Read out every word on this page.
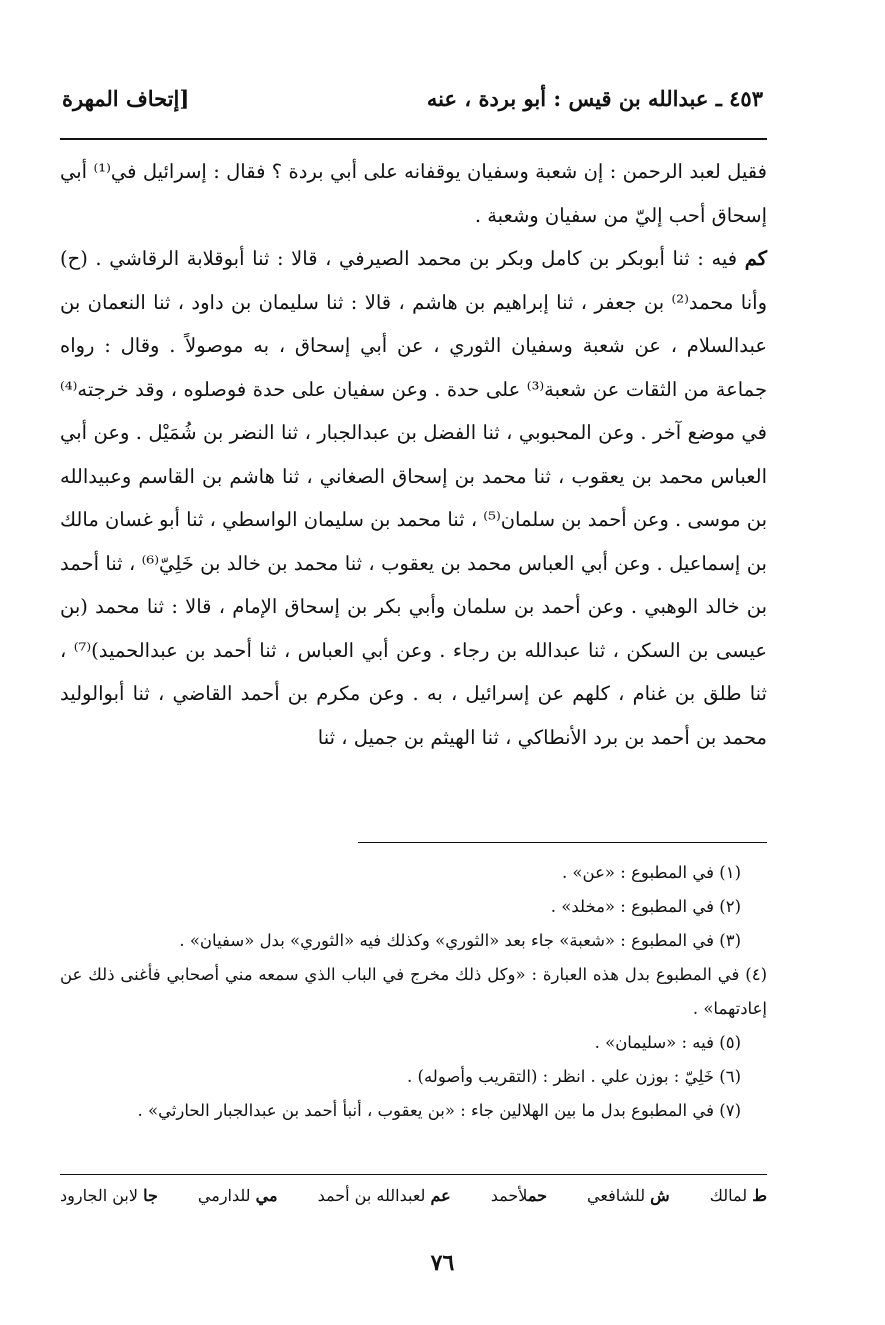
٤٥٣ ـ عبدالله بن قيس : أبو بردة ، عنه
[إتحاف المهرة

فقيل لعبد الرحمن : إن شعبة وسفيان يوقفانه على أبي بردة ؟ فقال : إسرائيل في⁽¹⁾ أبي إسحاق أحب إليّ من سفيان وشعبة .

كم فيه : ثنا أبوبكر بن كامل وبكر بن محمد الصيرفي ، قالا : ثنا أبوقلابة الرقاشي . (ح) وأنا محمد⁽²⁾ بن جعفر ، ثنا إبراهيم بن هاشم ، قالا : ثنا سليمان بن داود ، ثنا النعمان بن عبدالسلام ، عن شعبة وسفيان الثوري ، عن أبي إسحاق ، به موصولاً . وقال : رواه جماعة من الثقات عن شعبة⁽³⁾ على حدة . وعن سفيان على حدة فوصلوه ، وقد خرجته⁽⁴⁾ في موضع آخر . وعن المحبوبي ، ثنا الفضل بن عبدالجبار ، ثنا النضر بن شُمَيْل . وعن أبي العباس محمد بن يعقوب ، ثنا محمد بن إسحاق الصغاني ، ثنا هاشم بن القاسم وعبيدالله بن موسى . وعن أحمد بن سلمان⁽⁵⁾ ، ثنا محمد بن سليمان الواسطي ، ثنا أبو غسان مالك بن إسماعيل . وعن أبي العباس محمد بن يعقوب ، ثنا محمد بن خالد بن خَلِيّ⁽⁶⁾ ، ثنا أحمد بن خالد الوهبي . وعن أحمد بن سلمان وأبي بكر بن إسحاق الإمام ، قالا : ثنا محمد (بن عيسى بن السكن ، ثنا عبدالله بن رجاء . وعن أبي العباس ، ثنا أحمد بن عبدالحميد)⁽⁷⁾ ، ثنا طلق بن غنام ، كلهم عن إسرائيل ، به . وعن مكرم بن أحمد القاضي ، ثنا أبوالوليد محمد بن أحمد بن برد الأنطاكي ، ثنا الهيثم بن جميل ، ثنا

(١) في المطبوع : «عن» .

(٢) في المطبوع : «مخلد» .

(٣) في المطبوع : «شعبة» جاء بعد «الثوري» وكذلك فيه «الثوري» بدل «سفيان» .

(٤) في المطبوع بدل هذه العبارة : «وكل ذلك مخرج في الباب الذي سمعه مني أصحابي فأغنى ذلك عن إعادتهما» .

(٥) فيه : «سليمان» .

(٦) خَلِيّ : بوزن علي . انظر : (التقريب وأصوله) .

(٧) في المطبوع بدل ما بين الهلالين جاء : «بن يعقوب ، أنبأ أحمد بن عبدالجبار الحارثي» .

ط لمالك
ش للشافعي
حملأحمد
عم لعبدالله بن أحمد
مي للدارمي
جا لابن الجارود
٧٦
